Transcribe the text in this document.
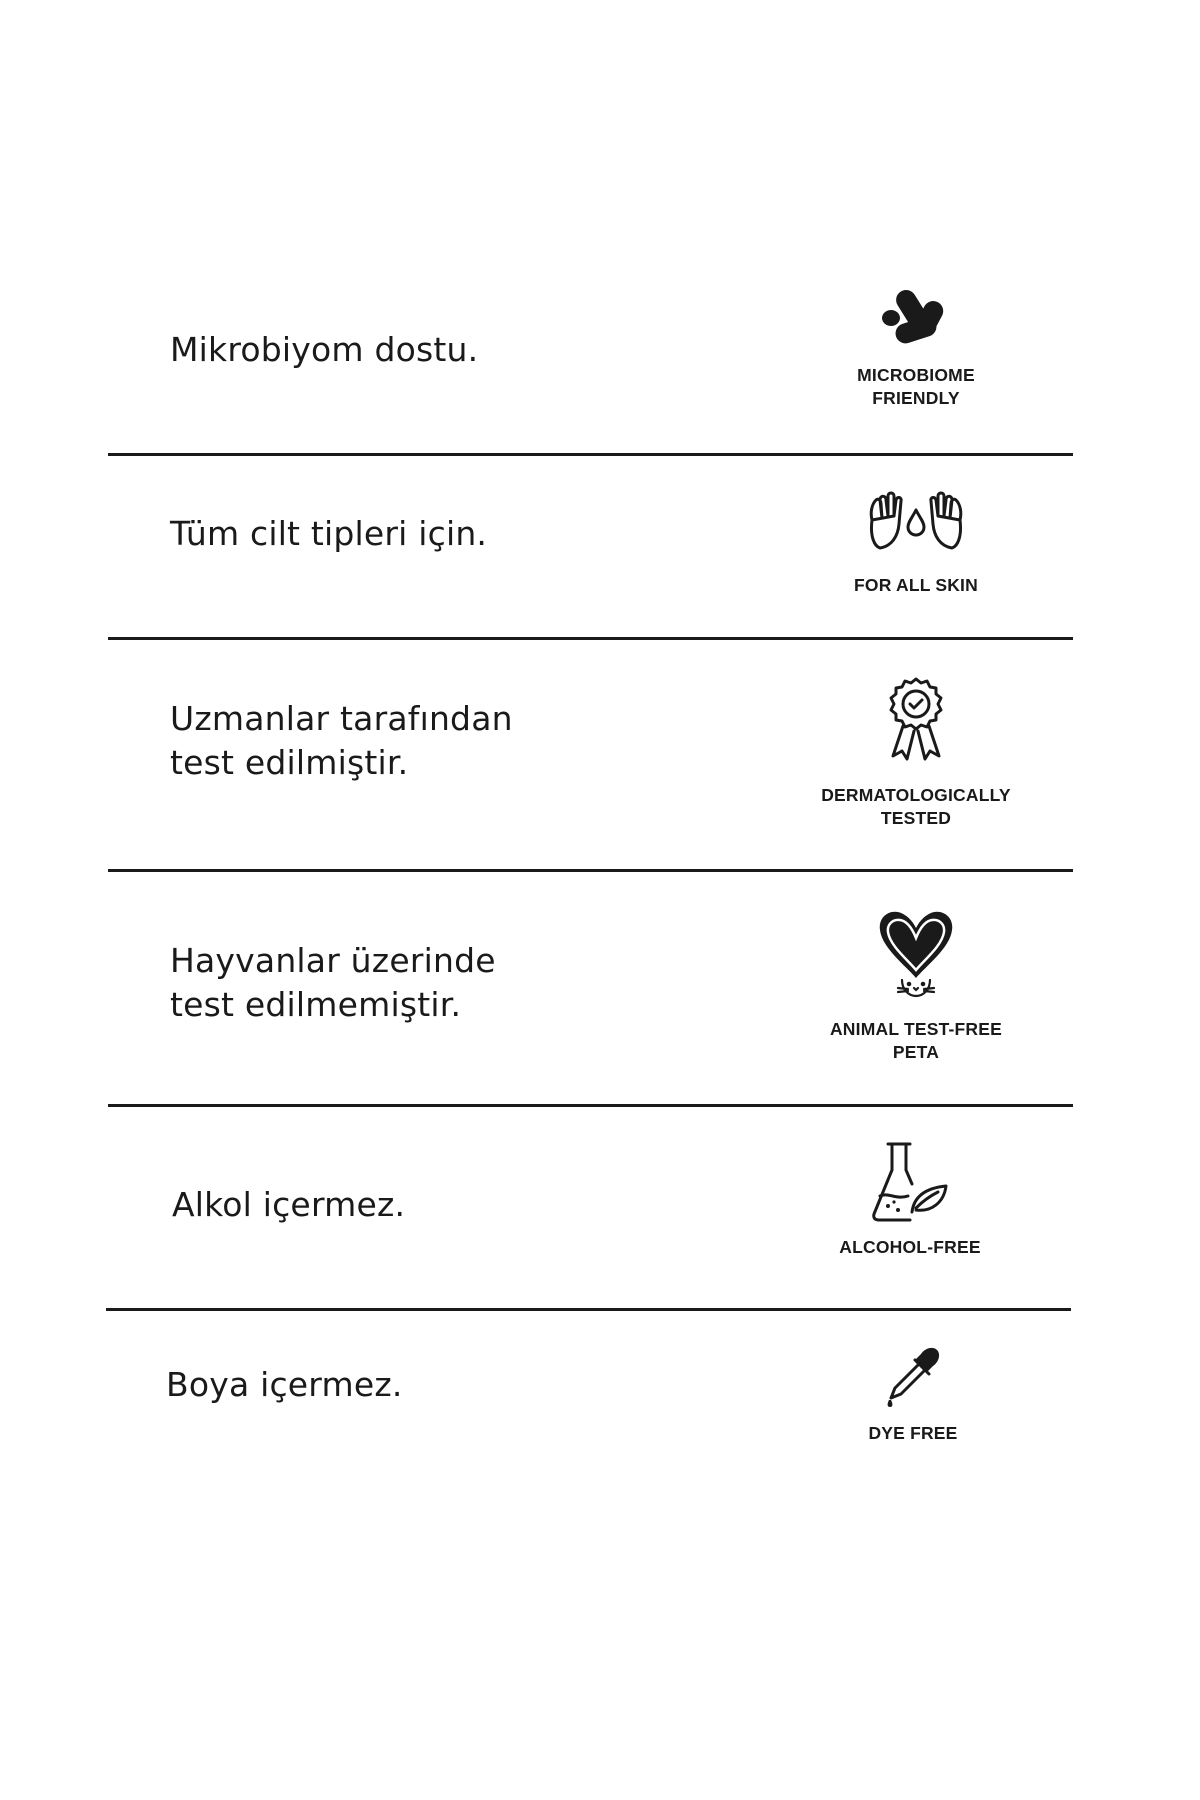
Mikrobiyom dostu.
MICROBIOME
FRIENDLY
Tüm cilt tipleri için.
FOR ALL SKIN
Uzmanlar tarafından
test edilmiştir.
DERMATOLOGICALLY
TESTED
Hayvanlar üzerinde
test edilmemiştir.
ANIMAL TEST-FREE
PETA
Alkol içermez.
ALCOHOL-FREE
Boya içermez.
DYE FREE
